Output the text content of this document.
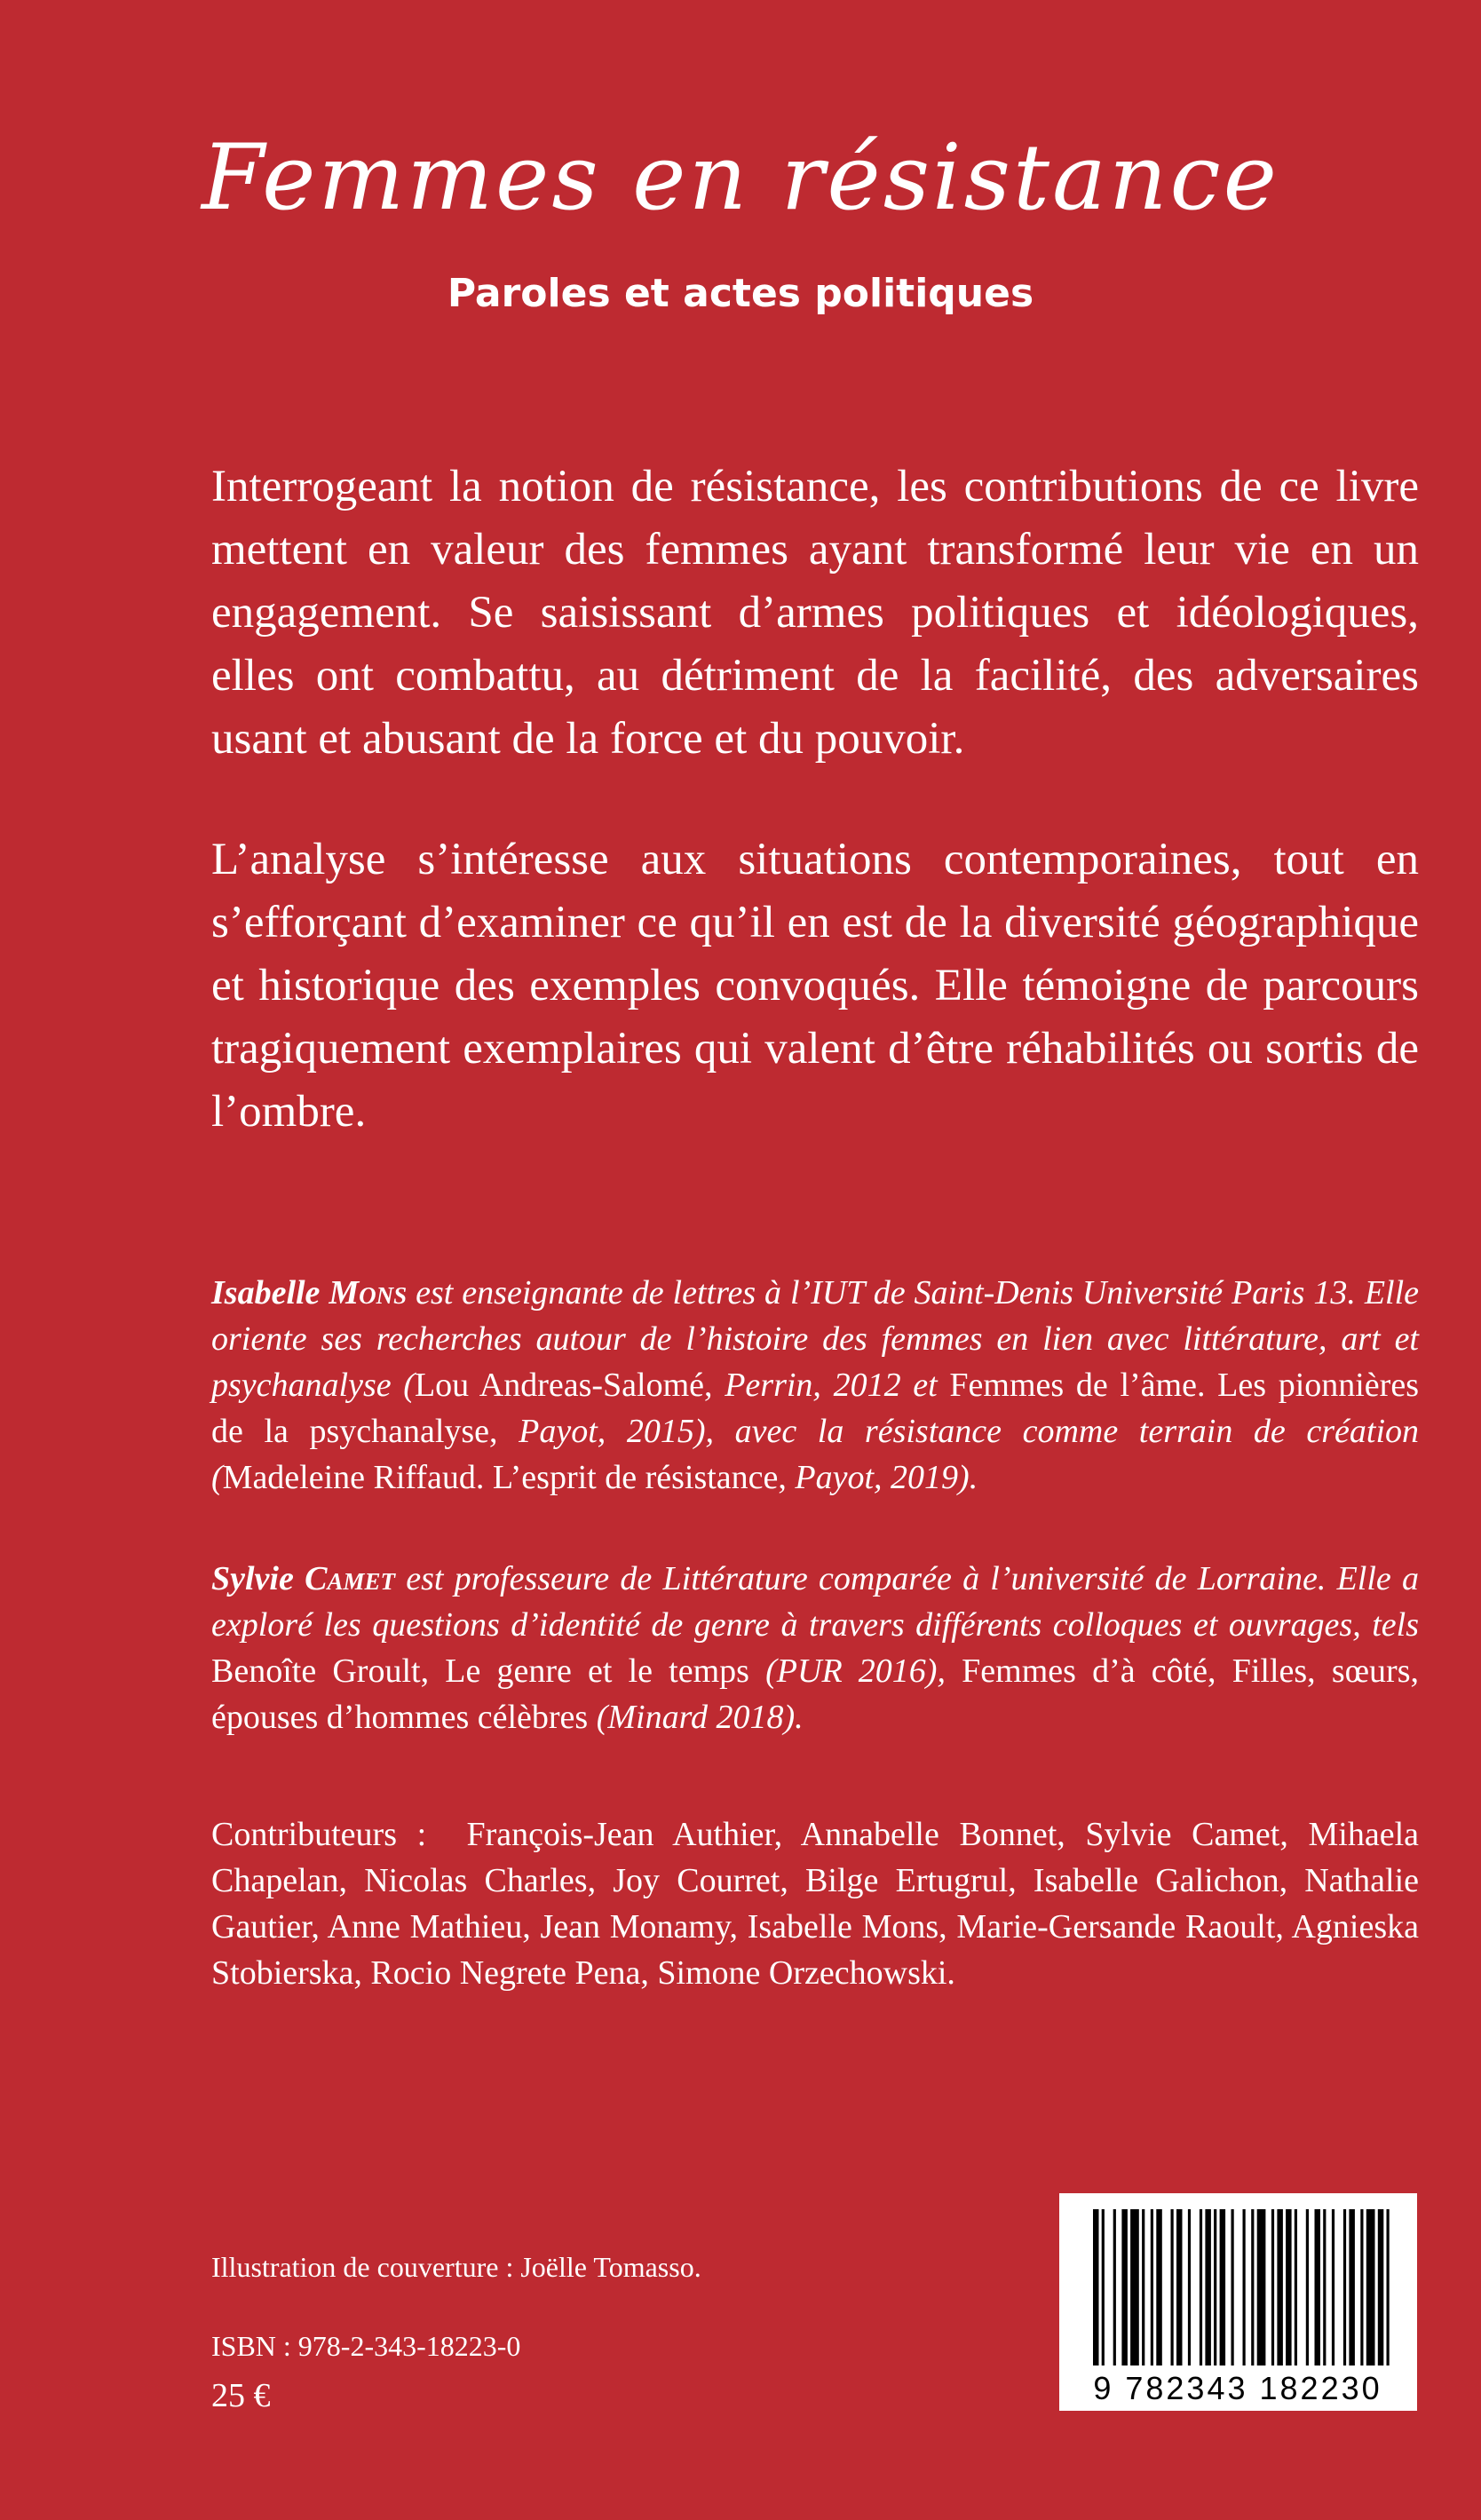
Femmes en résistance
Paroles et actes politiques

Interrogeant la notion de résistance, les contributions de ce livre mettent en valeur des femmes ayant transformé leur vie en un engagement. Se saisissant d’armes politiques et idéologiques, elles ont combattu, au détriment de la facilité, des adversaires usant et abusant de la force et du pouvoir.

L’analyse s’intéresse aux situations contemporaines, tout en s’efforçant d’examiner ce qu’il en est de la diversité géographique et historique des exemples convoqués. Elle témoigne de parcours tragiquement exemplaires qui valent d’être réhabilités ou sortis de l’ombre.

Isabelle Mons est enseignante de lettres à l’IUT de Saint-Denis Université Paris 13. Elle oriente ses recherches autour de l’histoire des femmes en lien avec littérature, art et psychanalyse (Lou Andreas-Salomé, Perrin, 2012 et Femmes de l’âme. Les pionnières de la psychanalyse, Payot, 2015), avec la résistance comme terrain de création (Madeleine Riffaud. L’esprit de résistance, Payot, 2019).

Sylvie Camet est professeure de Littérature comparée à l’université de Lorraine. Elle a exploré les questions d’identité de genre à travers différents colloques et ouvrages, tels Benoîte Groult, Le genre et le temps (PUR 2016), Femmes d’à côté, Filles, sœurs, épouses d’hommes célèbres (Minard 2018).

Contributeurs : François-Jean Authier, Annabelle Bonnet, Sylvie Camet, Mihaela Chapelan, Nicolas Charles, Joy Courret, Bilge Ertugrul, Isabelle Galichon, Nathalie Gautier, Anne Mathieu, Jean Monamy, Isabelle Mons, Marie-Gersande Raoult, Agnieska Stobierska, Rocio Negrete Pena, Simone Orzechowski.

Illustration de couverture : Joëlle Tomasso.
ISBN : 978-2-343-18223-0
25 €	9 782343 182230
